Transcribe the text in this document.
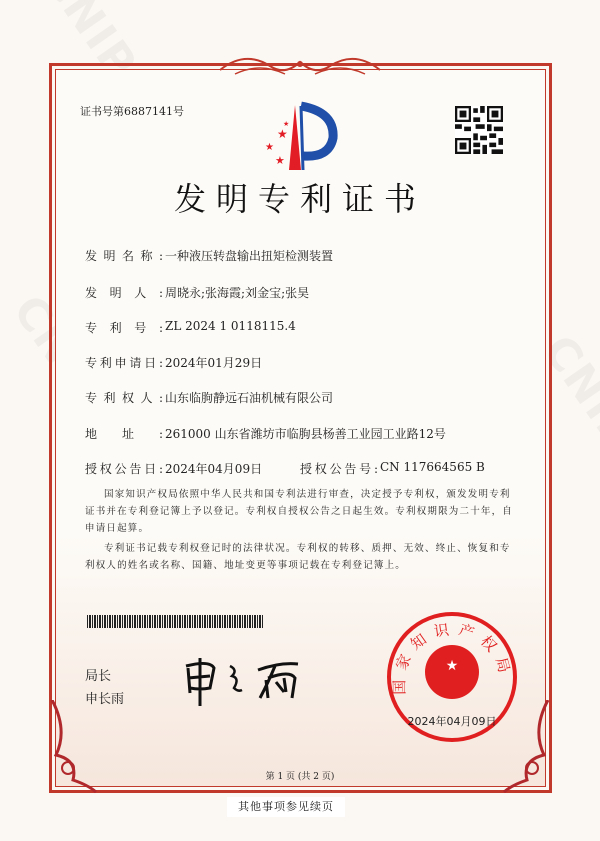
证书号第6887141号
★
★
★
★
发明专利证书
发明名称: 一种液压转盘输出扭矩检测装置
发明人: 周晓永;张海霞;刘金宝;张昊
专利号: ZL 2024 1 0118115.4
专利申请日: 2024年01月29日
专利权人: 山东临朐静远石油机械有限公司
地址: 261000 山东省潍坊市临朐县杨善工业园工业路12号
授权公告日: 2024年04月09日	授权公告号: CN 117664565 B
国家知识产权局依照中华人民共和国专利法进行审查，决定授予专利权，颁发发明专利证书并在专利登记簿上予以登记。专利权自授权公告之日起生效。专利权期限为二十年，自申请日起算。
专利证书记载专利权登记时的法律状况。专利权的转移、质押、无效、终止、恢复和专利权人的姓名或名称、国籍、地址变更等事项记载在专利登记簿上。
局长
申长雨
★
国家知识产权局
2024年04月09日
第 1 页 (共 2 页)
其他事项参见续页
